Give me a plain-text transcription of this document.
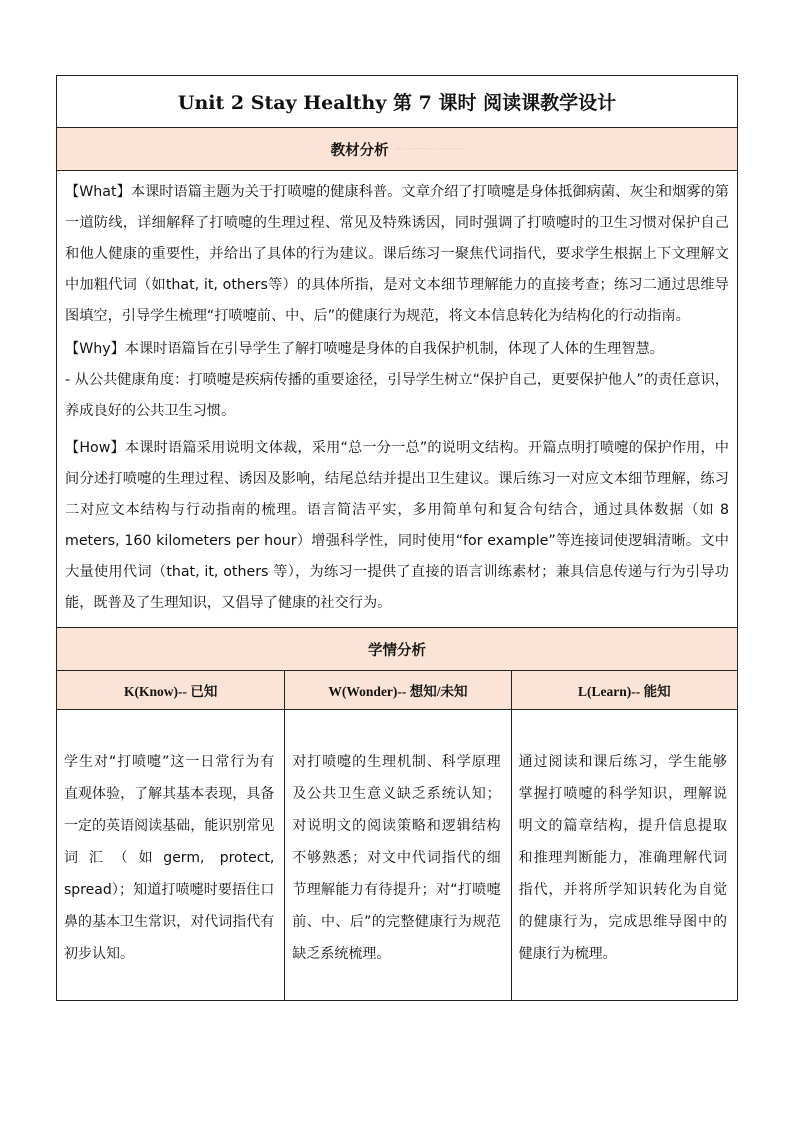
Unit 2 Stay Healthy 第 7 课时 阅读课教学设计
教材分析 — ——— ———

【What】本课时语篇主题为关于打喷嚏的健康科普。文章介绍了打喷嚏是身体抵御病菌、灰尘和烟雾的第一道防线，详细解释了打喷嚏的生理过程、常见及特殊诱因，同时强调了打喷嚏时的卫生习惯对保护自己和他人健康的重要性，并给出了具体的行为建议。课后练习一聚焦代词指代，要求学生根据上下文理解文中加粗代词（如that, it, others等）的具体所指，是对文本细节理解能力的直接考查；练习二通过思维导图填空，引导学生梳理“打喷嚏前、中、后”的健康行为规范，将文本信息转化为结构化的行动指南。

【Why】本课时语篇旨在引导学生了解打喷嚏是身体的自我保护机制，体现了人体的生理智慧。

- 从公共健康角度：打喷嚏是疾病传播的重要途径，引导学生树立“保护自己，更要保护他人”的责任意识，养成良好的公共卫生习惯。

【How】本课时语篇采用说明文体裁，采用“总一分一总”的说明文结构。开篇点明打喷嚏的保护作用，中间分述打喷嚏的生理过程、诱因及影响，结尾总结并提出卫生建议。课后练习一对应文本细节理解，练习二对应文本结构与行动指南的梳理。语言简洁平实，多用简单句和复合句结合，通过具体数据（如 8 meters, 160 kilometers per hour）增强科学性，同时使用“for example”等连接词使逻辑清晰。文中大量使用代词（that, it, others 等），为练习一提供了直接的语言训练素材；兼具信息传递与行为引导功能，既普及了生理知识，又倡导了健康的社交行为。

学情分析
K(Know)-- 已知	W(Wonder)-- 想知/未知	L(Learn)-- 能知
学生对“打喷嚏”这一日常行为有直观体验，了解其基本表现，具备一定的英语阅读基础，能识别常见词汇（如germ, protect, spread）；知道打喷嚏时要捂住口鼻的基本卫生常识，对代词指代有初步认知。
对打喷嚏的生理机制、科学原理及公共卫生意义缺乏系统认知；对说明文的阅读策略和逻辑结构不够熟悉；对文中代词指代的细节理解能力有待提升；对“打喷嚏前、中、后”的完整健康行为规范缺乏系统梳理。
通过阅读和课后练习，学生能够掌握打喷嚏的科学知识，理解说明文的篇章结构，提升信息提取和推理判断能力，准确理解代词指代，并将所学知识转化为自觉的健康行为，完成思维导图中的健康行为梳理。
